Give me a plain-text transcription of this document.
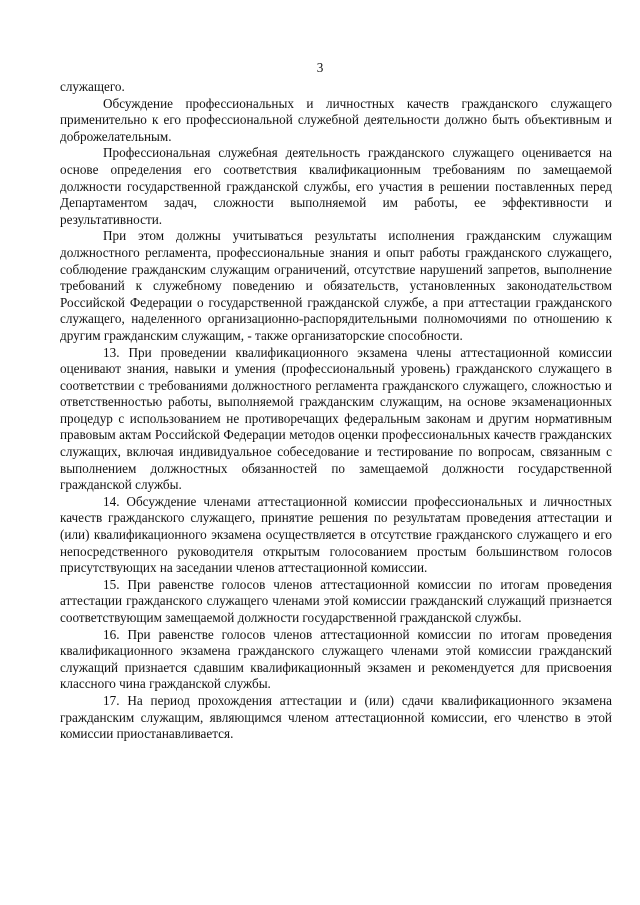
3

служащего.

Обсуждение профессиональных и личностных качеств гражданского служащего применительно к его профессиональной служебной деятельности должно быть объективным и доброжелательным.

Профессиональная служебная деятельность гражданского служащего оценивается на основе определения его соответствия квалификационным требованиям по замещаемой должности государственной гражданской службы, его участия в решении поставленных перед Департаментом задач, сложности выполняемой им работы, ее эффективности и результативности.

При этом должны учитываться результаты исполнения гражданским служащим должностного регламента, профессиональные знания и опыт работы гражданского служащего, соблюдение гражданским служащим ограничений, отсутствие нарушений запретов, выполнение требований к служебному поведению и обязательств, установленных законодательством Российской Федерации о государственной гражданской службе, а при аттестации гражданского служащего, наделенного организационно-распорядительными полномочиями по отношению к другим гражданским служащим, - также организаторские способности.

13. При проведении квалификационного экзамена члены аттестационной комиссии оценивают знания, навыки и умения (профессиональный уровень) гражданского служащего в соответствии с требованиями должностного регламента гражданского служащего, сложностью и ответственностью работы, выполняемой гражданским служащим, на основе экзаменационных процедур с использованием не противоречащих федеральным законам и другим нормативным правовым актам Российской Федерации методов оценки профессиональных качеств гражданских служащих, включая индивидуальное собеседование и тестирование по вопросам, связанным с выполнением должностных обязанностей по замещаемой должности государственной гражданской службы.

14. Обсуждение членами аттестационной комиссии профессиональных и личностных качеств гражданского служащего, принятие решения по результатам проведения аттестации и (или) квалификационного экзамена осуществляется в отсутствие гражданского служащего и его непосредственного руководителя открытым голосованием простым большинством голосов присутствующих на заседании членов аттестационной комиссии.

15. При равенстве голосов членов аттестационной комиссии по итогам проведения аттестации гражданского служащего членами этой комиссии гражданский служащий признается соответствующим замещаемой должности государственной гражданской службы.

16. При равенстве голосов членов аттестационной комиссии по итогам проведения квалификационного экзамена гражданского служащего членами этой комиссии гражданский служащий признается сдавшим квалификационный экзамен и рекомендуется для присвоения классного чина гражданской службы.

17. На период прохождения аттестации и (или) сдачи квалификационного экзамена гражданским служащим, являющимся членом аттестационной комиссии, его членство в этой комиссии приостанавливается.
